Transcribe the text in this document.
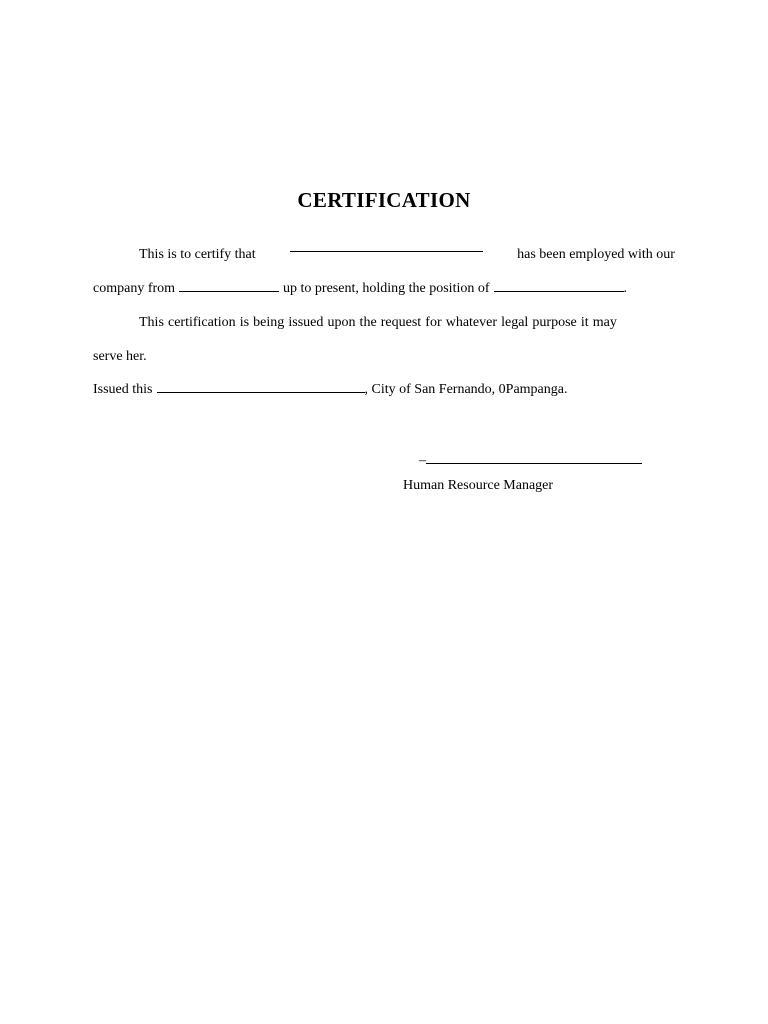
CERTIFICATION
This is to certify that	has been employed with our
company from	up to present, holding the position of	.
This certification is being issued upon the request for whatever legal purpose it may
serve her.
Issued this	, City of San Fernando, 0Pampanga.
–
Human Resource Manager
